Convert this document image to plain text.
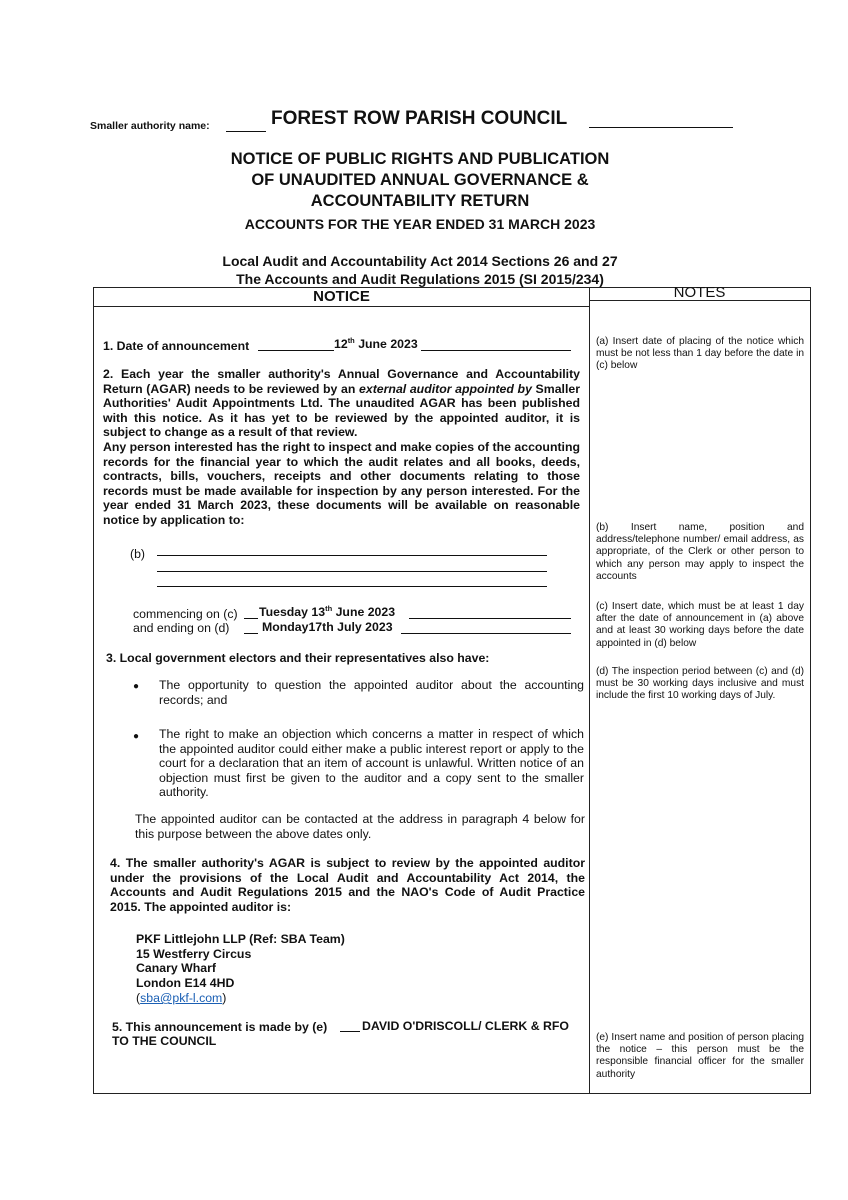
Smaller authority name:	FOREST ROW PARISH COUNCIL
NOTICE OF PUBLIC RIGHTS AND PUBLICATION
OF UNAUDITED ANNUAL GOVERNANCE &
ACCOUNTABILITY RETURN
ACCOUNTS FOR THE YEAR ENDED 31 MARCH 2023
Local Audit and Accountability Act 2014 Sections 26 and 27
The Accounts and Audit Regulations 2015 (SI 2015/234)
NOTICE	NOTES
1. Date of announcement	12th June 2023
2. Each year the smaller authority's Annual Governance and Accountability Return (AGAR) needs to be reviewed by an external auditor appointed by Smaller Authorities' Audit Appointments Ltd. The unaudited AGAR has been published with this notice. As it has yet to be reviewed by the appointed auditor, it is subject to change as a result of that review.
Any person interested has the right to inspect and make copies of the accounting records for the financial year to which the audit relates and all books, deeds, contracts, bills, vouchers, receipts and other documents relating to those records must be made available for inspection by any person interested. For the year ended 31 March 2023, these documents will be available on reasonable notice by application to:
(b)
commencing on (c) Tuesday 13th June 2023
and ending on (d)	Monday17th July 2023
3. Local government electors and their representatives also have:
● The opportunity to question the appointed auditor about the accounting records; and
● The right to make an objection which concerns a matter in respect of which the appointed auditor could either make a public interest report or apply to the court for a declaration that an item of account is unlawful. Written notice of an objection must first be given to the auditor and a copy sent to the smaller authority.
The appointed auditor can be contacted at the address in paragraph 4 below for this purpose between the above dates only.
4. The smaller authority's AGAR is subject to review by the appointed auditor under the provisions of the Local Audit and Accountability Act 2014, the Accounts and Audit Regulations 2015 and the NAO's Code of Audit Practice 2015. The appointed auditor is:
PKF Littlejohn LLP (Ref: SBA Team)
15 Westferry Circus
Canary Wharf
London E14 4HD
(sba@pkf-l.com)
5. This announcement is made by (e)	DAVID O'DRISCOLL/ CLERK & RFO
TO THE COUNCIL
(a) Insert date of placing of the notice which must be not less than 1 day before the date in (c) below
(b) Insert name, position and address/telephone number/ email address, as appropriate, of the Clerk or other person to which any person may apply to inspect the accounts
(c) Insert date, which must be at least 1 day after the date of announcement in (a) above and at least 30 working days before the date appointed in (d) below
(d) The inspection period between (c) and (d) must be 30 working days inclusive and must include the first 10 working days of July.
(e) Insert name and position of person placing the notice – this person must be the responsible financial officer for the smaller authority
